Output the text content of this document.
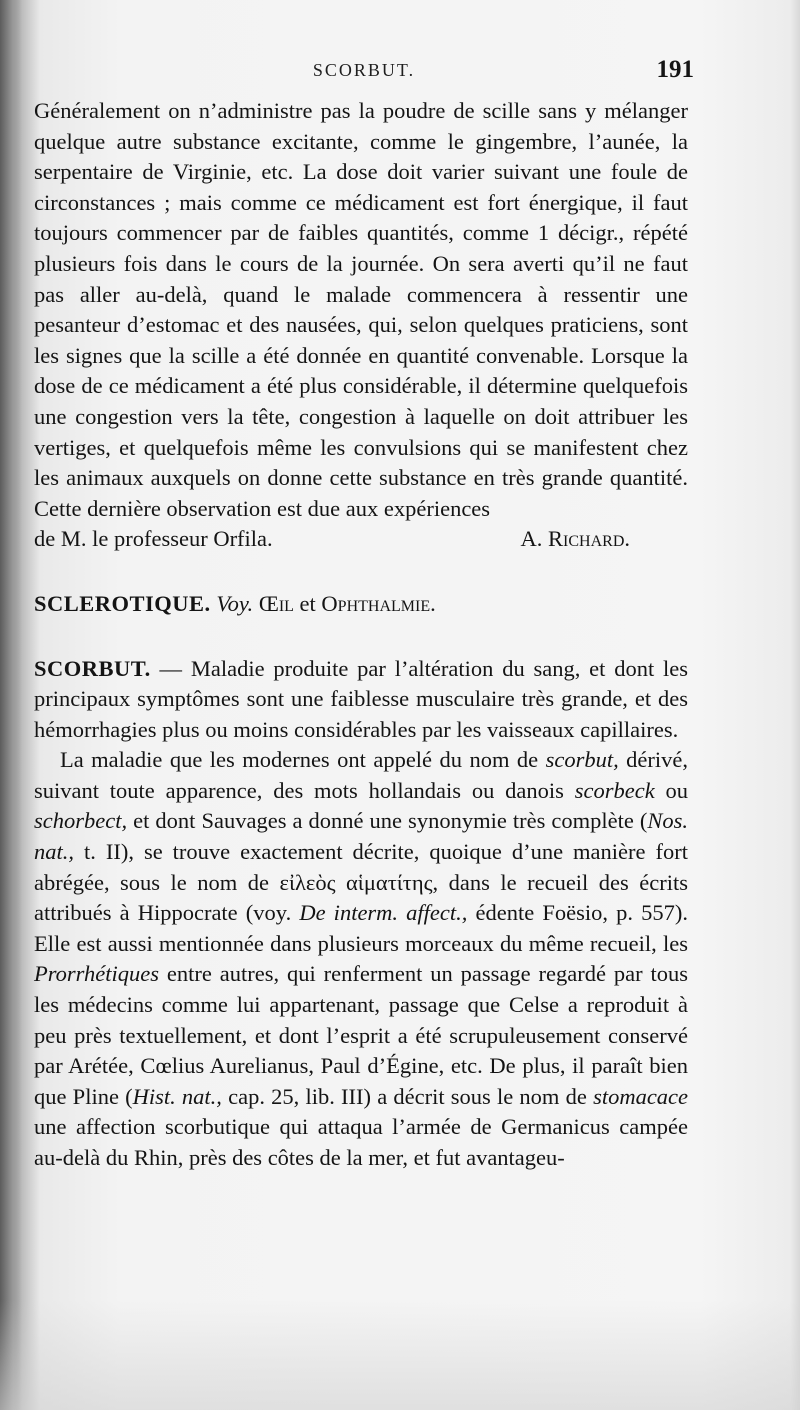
SCORBUT.	191

Généralement on n’administre pas la poudre de scille sans y mélanger quelque autre substance excitante, comme le gingembre, l’aunée, la serpentaire de Virginie, etc. La dose doit varier suivant une foule de circonstances ; mais comme ce médicament est fort énergique, il faut toujours commencer par de faibles quantités, comme 1 décigr., répété plusieurs fois dans le cours de la journée. On sera averti qu’il ne faut pas aller au-delà, quand le malade commencera à ressentir une pesanteur d’estomac et des nausées, qui, selon quelques praticiens, sont les signes que la scille a été donnée en quantité convenable. Lorsque la dose de ce médicament a été plus considérable, il détermine quelquefois une congestion vers la tête, congestion à laquelle on doit attribuer les vertiges, et quelquefois même les convulsions qui se manifestent chez les animaux auxquels on donne cette substance en très grande quantité. Cette dernière observation est due aux expériences

de M. le professeur Orfila.	A. Richard.

SCLEROTIQUE. Voy. Œil et Ophthalmie.

SCORBUT. — Maladie produite par l’altération du sang, et dont les principaux symptômes sont une faiblesse musculaire très grande, et des hémorrhagies plus ou moins considérables par les vaisseaux capillaires.

La maladie que les modernes ont appelé du nom de scorbut, dérivé, suivant toute apparence, des mots hollandais ou danois scorbeck ou schorbect, et dont Sauvages a donné une synonymie très complète (Nos. nat., t. II), se trouve exactement décrite, quoique d’une manière fort abrégée, sous le nom de εἰλεὸς αἱματίτης, dans le recueil des écrits attribués à Hippocrate (voy. De interm. affect., édente Foësio, p. 557). Elle est aussi mentionnée dans plusieurs morceaux du même recueil, les Prorrhétiques entre autres, qui renferment un passage regardé par tous les médecins comme lui appartenant, passage que Celse a reproduit à peu près textuellement, et dont l’esprit a été scrupuleusement conservé par Arétée, Cœlius Aurelianus, Paul d’Égine, etc. De plus, il paraît bien que Pline (Hist. nat., cap. 25, lib. III) a décrit sous le nom de stomacace une affection scorbutique qui attaqua l’armée de Germanicus campée au-delà du Rhin, près des côtes de la mer, et fut avantageu-
